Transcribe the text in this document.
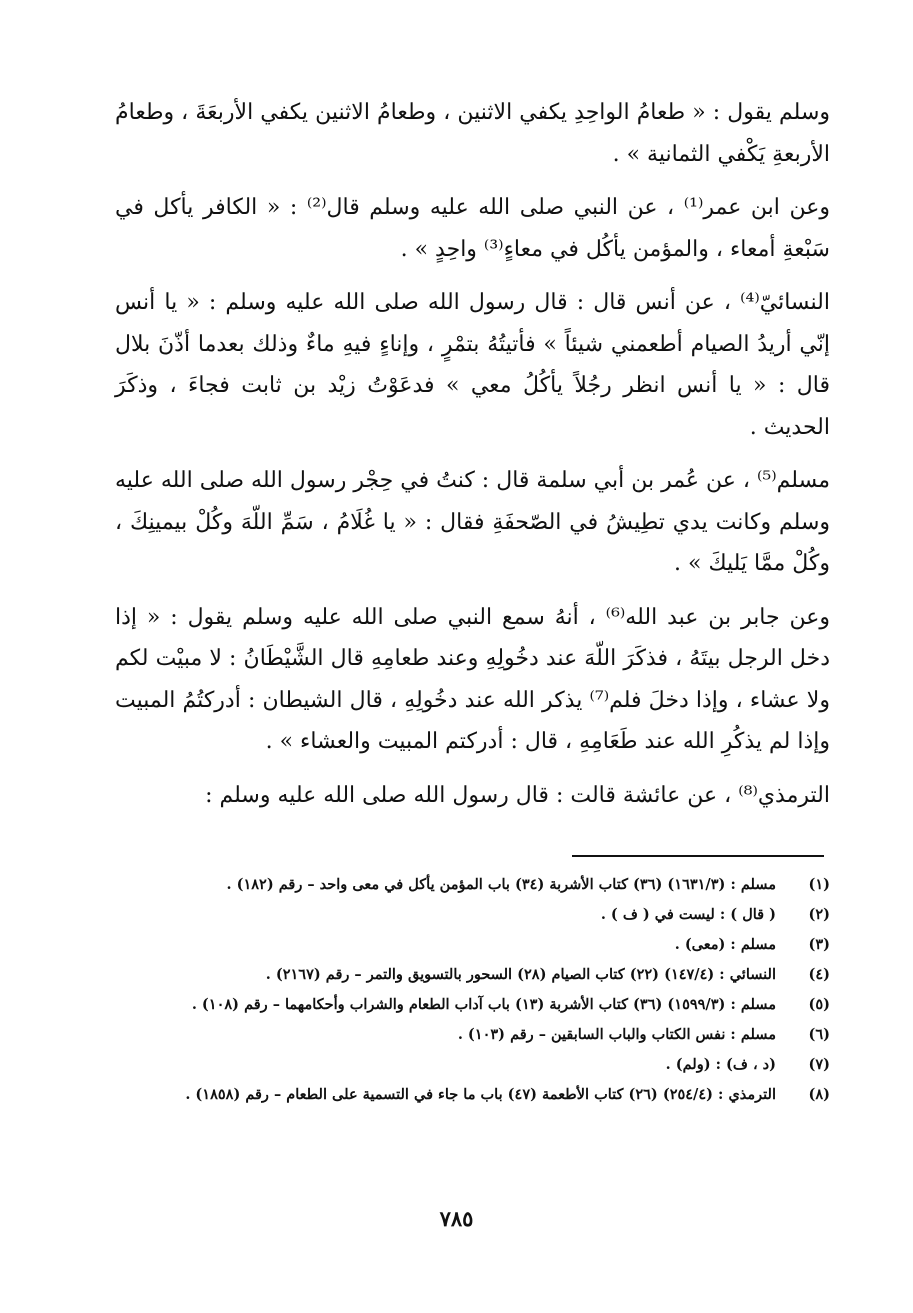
وسلم يقول : « طعامُ الواحِدِ يكفي الاثنين ، وطعامُ الاثنين يكفي الأربعَةَ ، وطعامُ الأربعةِ يَكْفي الثمانية » .

وعن ابن عمر⁽¹⁾ ، عن النبي صلى الله عليه وسلم قال⁽²⁾ : « الكافر يأكل في سَبْعةِ أمعاء ، والمؤمن يأكُل في معاءٍ⁽³⁾ واحِدٍ » .

النسائيّ⁽⁴⁾ ، عن أنس قال : قال رسول الله صلى الله عليه وسلم : « يا أنس إنّي أريدُ الصيام أطعمني شيئاً » فأتيتُهُ بتمْرٍ ، وإناءٍ فيهِ ماءٌ وذلك بعدما أذّنَ بلال قال : « يا أنس انظر رجُلاً يأكُلُ معي » فدعَوْتُ زيْد بن ثابت فجاءَ ، وذكَرَ الحديث .

مسلم⁽⁵⁾ ، عن عُمر بن أبي سلمة قال : كنتُ في حِجْر رسول الله صلى الله عليه وسلم وكانت يدي تطِيشُ في الصّحفَةِ فقال : « يا غُلَامُ ، سَمِّ اللّهَ وكُلْ بيمينِكَ ، وكُلْ ممَّا يَليكَ » .

وعن جابر بن عبد الله⁽⁶⁾ ، أنهُ سمع النبي صلى الله عليه وسلم يقول : « إذا دخل الرجل بيتَهُ ، فذكَرَ اللّهَ عند دخُولِهِ وعند طعامِهِ قال الشَّيْطَانُ : لا مبيْت لكم ولا عشاء ، وإذا دخلَ فلم⁽⁷⁾ يذكر الله عند دخُولِهِ ، قال الشيطان : أدركتُمُ المبيت وإذا لم يذكُرِ الله عند طَعَامِهِ ، قال : أدركتم المبيت والعشاء » .

الترمذي⁽⁸⁾ ، عن عائشة قالت : قال رسول الله صلى الله عليه وسلم :

(١)
مسلم : (١٦٣١/٣) (٣٦) كتاب الأشربة (٣٤) باب المؤمن يأكل في معى واحد – رقم (١٨٢) .
(٢)
( قال ) : ليست في ( ف ) .
(٣)
مسلم : (معى) .
(٤)
النسائي : (١٤٧/٤) (٢٢) كتاب الصيام (٢٨) السحور بالتسويق والتمر – رقم (٢١٦٧) .
(٥)
مسلم : (١٥٩٩/٣) (٣٦) كتاب الأشربة (١٣) باب آداب الطعام والشراب وأحكامهما – رقم (١٠٨) .
(٦)
مسلم : نفس الكتاب والباب السابقين – رقم (١٠٣) .
(٧)
(د ، ف) : (ولم) .
(٨)
الترمذي : (٢٥٤/٤) (٢٦) كتاب الأطعمة (٤٧) باب ما جاء في التسمية على الطعام – رقم (١٨٥٨) .
٧٨٥
